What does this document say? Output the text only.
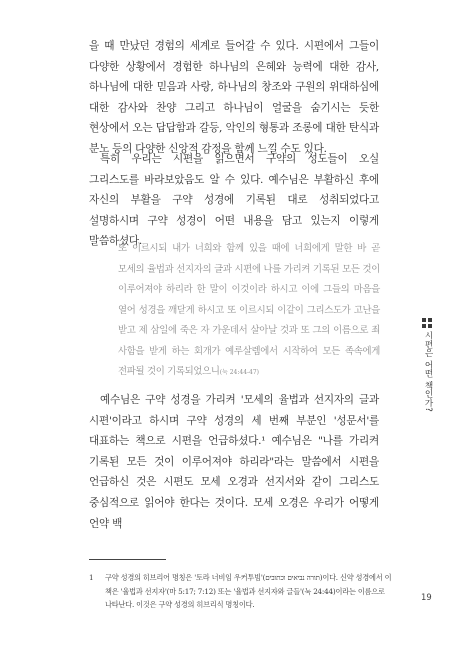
을 때 만났던 경험의 세계로 들어갈 수 있다. 시편에서 그들이 다양한 상황에서 경험한 하나님의 은혜와 능력에 대한 감사, 하나님에 대한 믿음과 사랑, 하나님의 창조와 구원의 위대하심에 대한 감사와 찬양 그리고 하나님이 얼굴을 숨기시는 듯한 현상에서 오는 답답함과 갈등, 악인의 형통과 조롱에 대한 탄식과 분노 등의 다양한 신앙적 감정을 함께 느낄 수도 있다.

특히 우리는 시편을 읽으면서 구약의 성도들이 오실 그리스도를 바라보았음도 알 수 있다. 예수님은 부활하신 후에 자신의 부활을 구약 성경에 기록된 대로 성취되었다고 설명하시며 구약 성경이 어떤 내용을 담고 있는지 이렇게 말씀하셨다.

또 이르시되 내가 너희와 함께 있을 때에 너희에게 말한 바 곧 모세의 율법과 선지자의 글과 시편에 나를 가리켜 기록된 모든 것이 이루어져야 하리라 한 말이 이것이라 하시고 이에 그들의 마음을 열어 성경을 깨닫게 하시고 또 이르시되 이같이 그리스도가 고난을 받고 제 삼일에 죽은 자 가운데서 살아날 것과 또 그의 이름으로 죄 사함을 받게 하는 회개가 예루살렘에서 시작하여 모든 족속에게 전파될 것이 기록되었으니(눅 24:44-47)

예수님은 구약 성경을 가리켜 '모세의 율법과 선지자의 글과 시편'이라고 하시며 구약 성경의 세 번째 부분인 '성문서'를 대표하는 책으로 시편을 언급하셨다.¹ 예수님은 "나를 가리켜 기록된 모든 것이 이루어져야 하리라"라는 말씀에서 시편을 언급하신 것은 시편도 모세 오경과 선지서와 같이 그리스도 중심적으로 읽어야 한다는 것이다. 모세 오경은 우리가 어떻게 언약 백

1 구약 성경의 히브리어 명칭은 '토라 너비임 우커투빔'(תורה נביאים וכתובים)이다. 신약 성경에서 이 책은 '율법과 선지자'(마 5:17; 7:12) 또는 '율법과 선지자와 글들'(눅 24:44)이라는 이름으로 나타난다. 이것은 구약 성경의 히브리식 명칭이다.
시편은 어떤 책인가?
19
